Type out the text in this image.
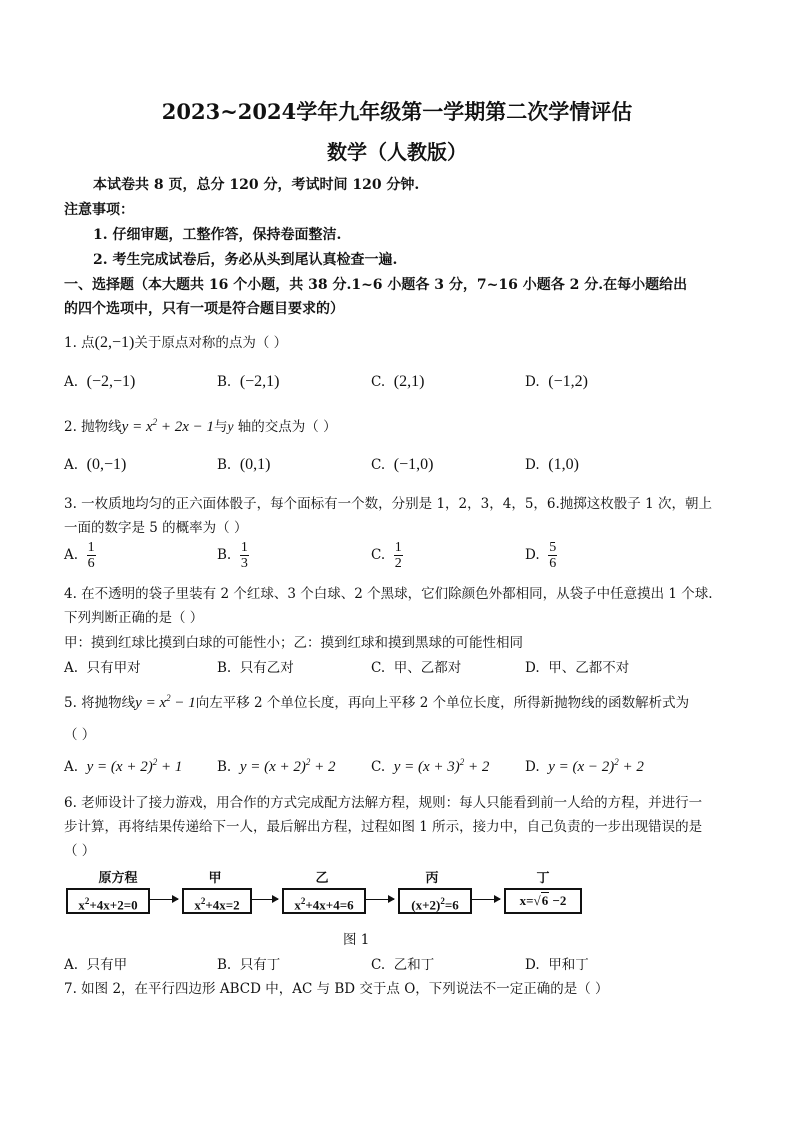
2023~2024学年九年级第一学期第二次学情评估
数学（人教版）
本试卷共 8 页，总分 120 分，考试时间 120 分钟.
注意事项：
1. 仔细审题，工整作答，保持卷面整洁.
2. 考生完成试卷后，务必从头到尾认真检查一遍.
一、选择题（本大题共 16 个小题，共 38 分.1~6 小题各 3 分，7~16 小题各 2 分.在每小题给出
的四个选项中，只有一项是符合题目要求的）
1. 点(2,−1)关于原点对称的点为（ ）
A. (−2,−1)	B. (−2,1)	C. (2,1)	D. (−1,2)
2. 抛物线$y = x^2 + 2x - 1$与y 轴的交点为（ ）
A. (0,−1)	B. (0,1)	C. (−1,0)	D. (1,0)
3. 一枚质地均匀的正六面体骰子，每个面标有一个数，分别是 1，2，3，4，5，6.抛掷这枚骰子 1 次，朝上
一面的数字是 5 的概率为（ ）
A. $\frac{1}{6}$	B. $\frac{1}{3}$	C. $\frac{1}{2}$	D. $\frac{5}{6}$
4. 在不透明的袋子里装有 2 个红球、3 个白球、2 个黑球，它们除颜色外都相同，从袋子中任意摸出 1 个球.
下列判断正确的是（ ）
甲：摸到红球比摸到白球的可能性小；乙：摸到红球和摸到黑球的可能性相同
A. 只有甲对	B. 只有乙对	C. 甲、乙都对	D. 甲、乙都不对
5. 将抛物线$y = x^2 - 1$向左平移 2 个单位长度，再向上平移 2 个单位长度，所得新抛物线的函数解析式为
（ ）
A. $y = (x + 2)^2 + 1$	B. $y = (x + 2)^2 + 2$	C. $y = (x + 3)^2 + 2$	D. $y = (x - 2)^2 + 2$
6. 老师设计了接力游戏，用合作的方式完成配方法解方程，规则：每人只能看到前一人给的方程，并进行一
步计算，再将结果传递给下一人，最后解出方程，过程如图 1 所示，接力中，自己负责的一步出现错误的是
（ ）
原方程	甲	乙	丙	丁
$x^2+4x+2=0$	$x^2+4x=2$	$x^2+4x+4=6$	$(x+2)^2=6$	x=√6 −2
图 1
A. 只有甲	B. 只有丁	C. 乙和丁	D. 甲和丁
7. 如图 2，在平行四边形 ABCD 中，AC 与 BD 交于点 O，下列说法不一定正确的是（ ）
